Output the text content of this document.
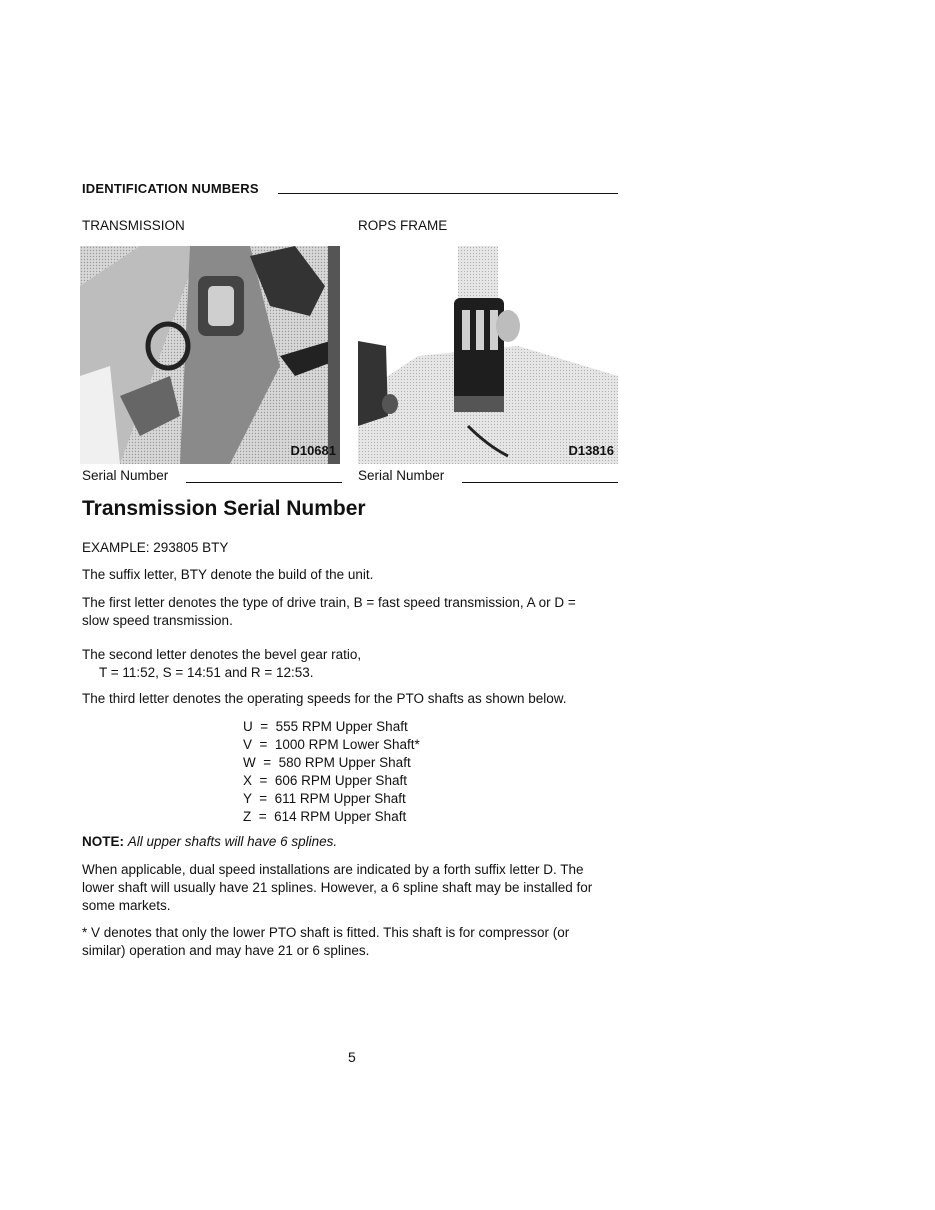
IDENTIFICATION NUMBERS
TRANSMISSION	ROPS FRAME
D10681	D13816
Serial Number	Serial Number
Transmission Serial Number
EXAMPLE: 293805 BTY
The suffix letter, BTY denote the build of the unit.
The first letter denotes the type of drive train, B = fast speed transmission, A or D =
slow speed transmission.
The second letter denotes the bevel gear ratio,
T = 11:52, S = 14:51 and R = 12:53.
The third letter denotes the operating speeds for the PTO shafts as shown below.
U  =  555 RPM Upper Shaft
V  =  1000 RPM Lower Shaft*
W  =  580 RPM Upper Shaft
X  =  606 RPM Upper Shaft
Y  =  611 RPM Upper Shaft
Z  =  614 RPM Upper Shaft
NOTE: All upper shafts will have 6 splines.
When applicable, dual speed installations are indicated by a forth suffix letter D. The
lower shaft will usually have 21 splines. However, a 6 spline shaft may be installed for
some markets.
* V denotes that only the lower PTO shaft is fitted. This shaft is for compressor (or
similar) operation and may have 21 or 6 splines.
5
